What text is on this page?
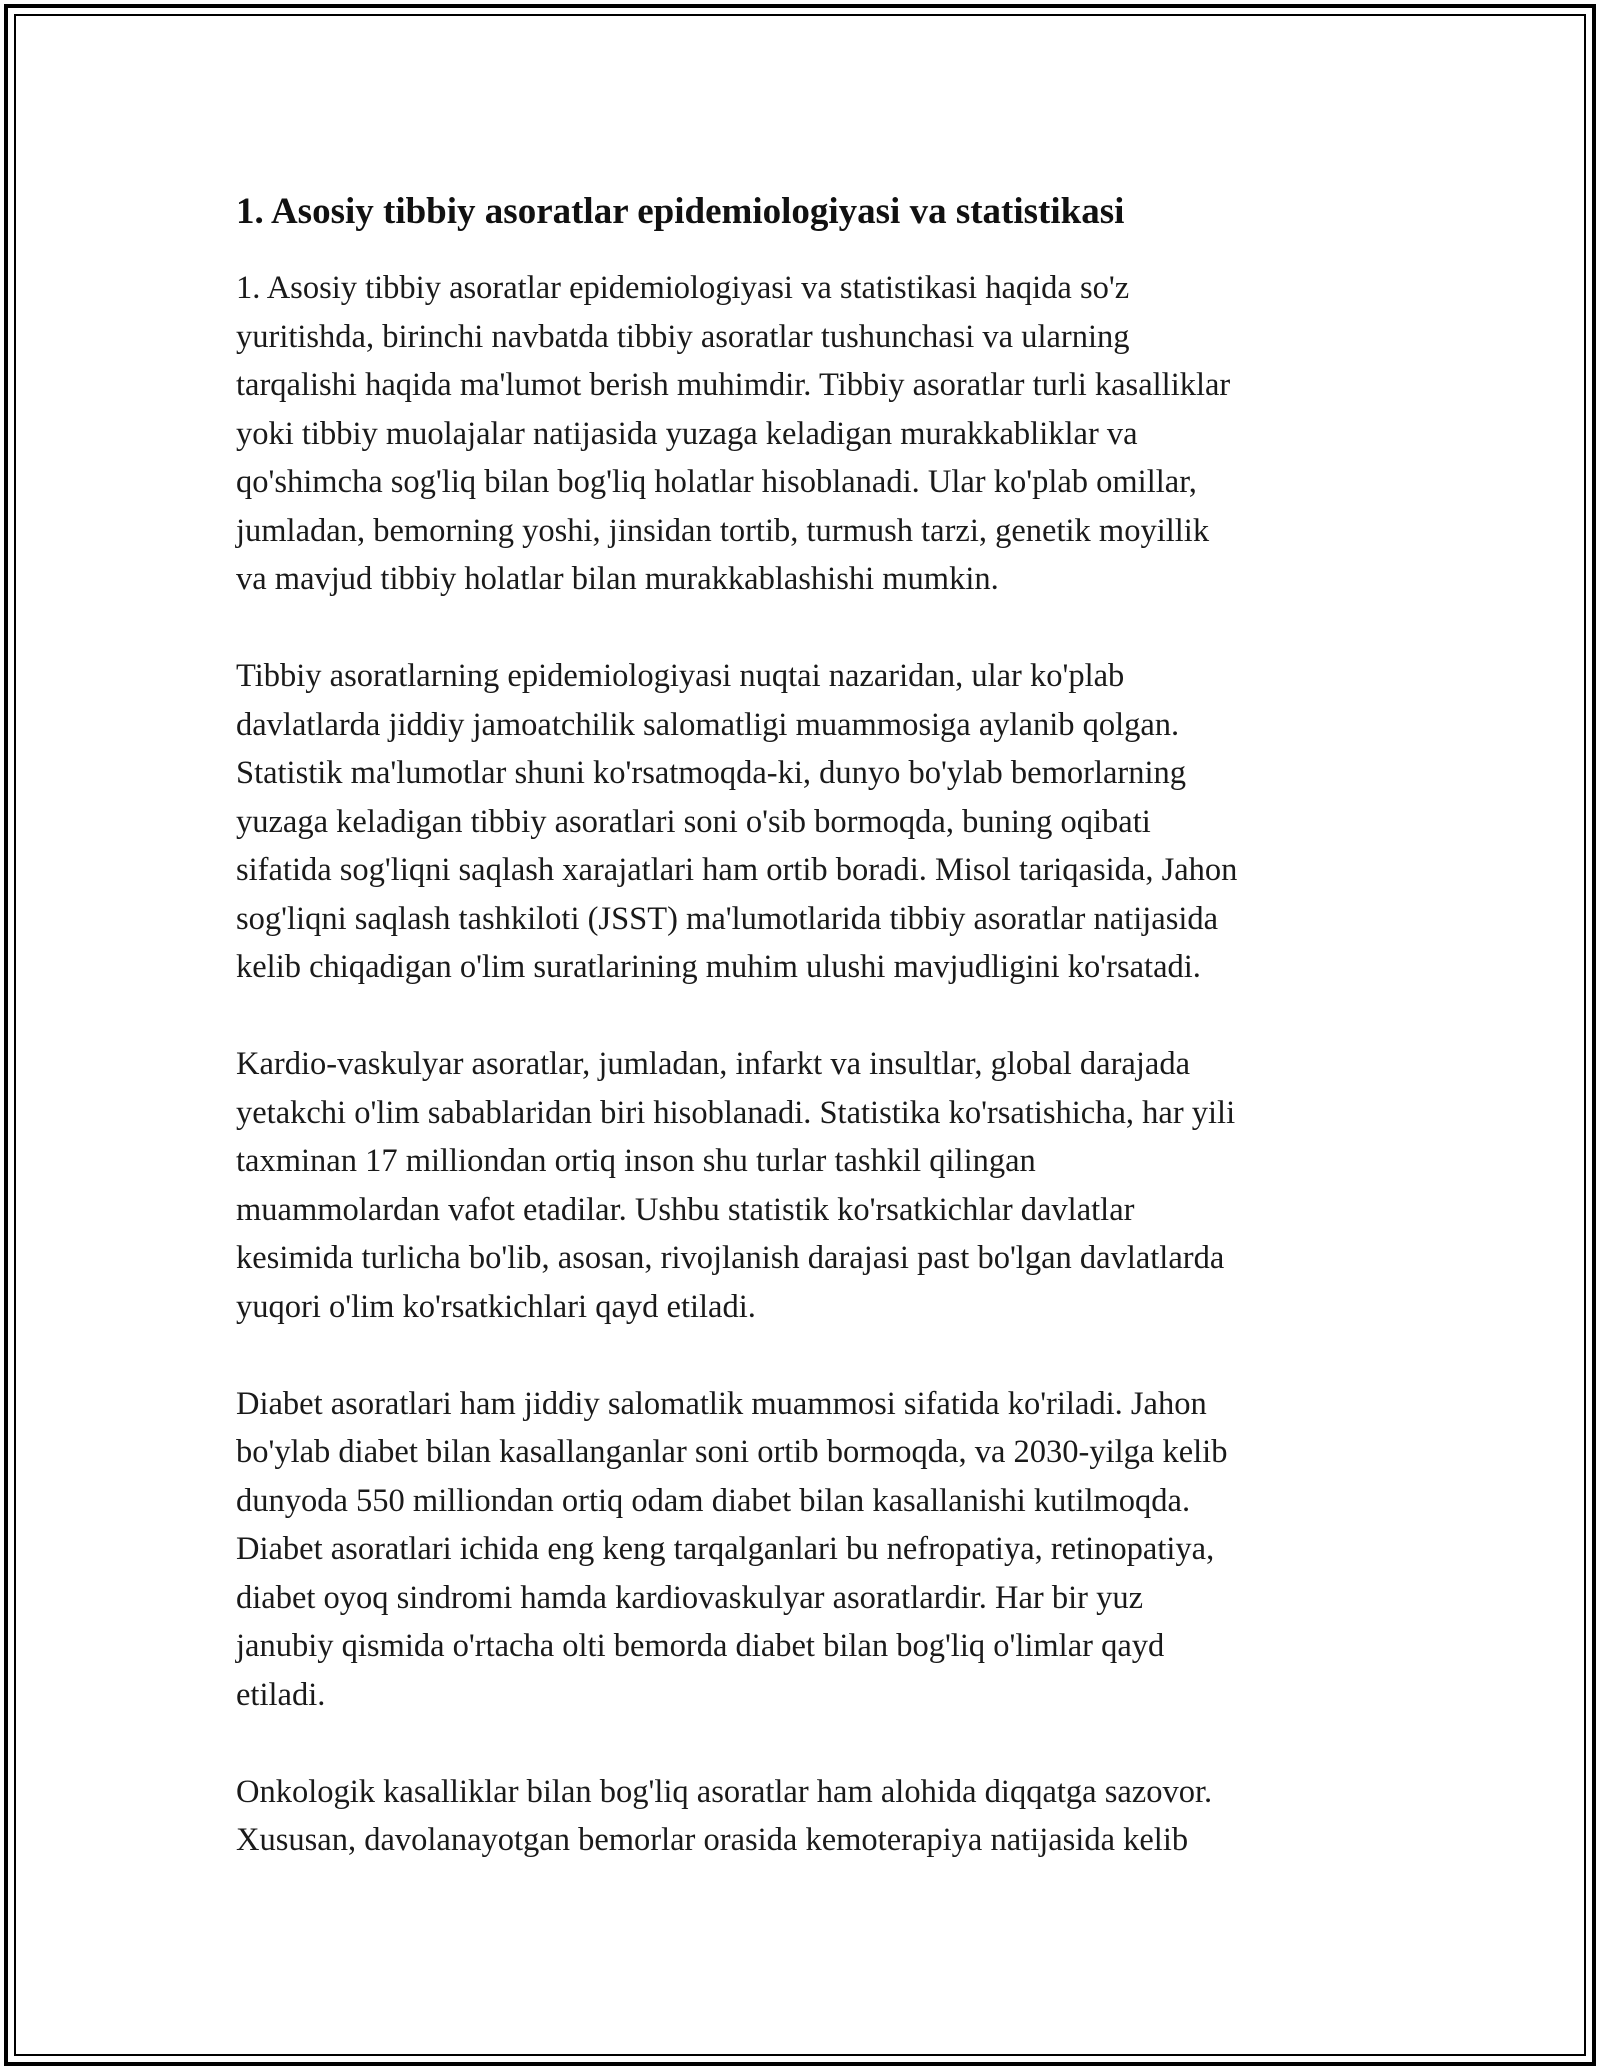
1. Asosiy tibbiy asoratlar epidemiologiyasi va statistikasi

1. Asosiy tibbiy asoratlar epidemiologiyasi va statistikasi haqida so'z
yuritishda, birinchi navbatda tibbiy asoratlar tushunchasi va ularning
tarqalishi haqida ma'lumot berish muhimdir. Tibbiy asoratlar turli kasalliklar
yoki tibbiy muolajalar natijasida yuzaga keladigan murakkabliklar va
qo'shimcha sog'liq bilan bog'liq holatlar hisoblanadi. Ular ko'plab omillar,
jumladan, bemorning yoshi, jinsidan tortib, turmush tarzi, genetik moyillik
va mavjud tibbiy holatlar bilan murakkablashishi mumkin.

Tibbiy asoratlarning epidemiologiyasi nuqtai nazaridan, ular ko'plab
davlatlarda jiddiy jamoatchilik salomatligi muammosiga aylanib qolgan.
Statistik ma'lumotlar shuni ko'rsatmoqda-ki, dunyo bo'ylab bemorlarning
yuzaga keladigan tibbiy asoratlari soni o'sib bormoqda, buning oqibati
sifatida sog'liqni saqlash xarajatlari ham ortib boradi. Misol tariqasida, Jahon
sog'liqni saqlash tashkiloti (JSST) ma'lumotlarida tibbiy asoratlar natijasida
kelib chiqadigan o'lim suratlarining muhim ulushi mavjudligini ko'rsatadi.

Kardio-vaskulyar asoratlar, jumladan, infarkt va insultlar, global darajada
yetakchi o'lim sabablaridan biri hisoblanadi. Statistika ko'rsatishicha, har yili
taxminan 17 milliondan ortiq inson shu turlar tashkil qilingan
muammolardan vafot etadilar. Ushbu statistik ko'rsatkichlar davlatlar
kesimida turlicha bo'lib, asosan, rivojlanish darajasi past bo'lgan davlatlarda
yuqori o'lim ko'rsatkichlari qayd etiladi.

Diabet asoratlari ham jiddiy salomatlik muammosi sifatida ko'riladi. Jahon
bo'ylab diabet bilan kasallanganlar soni ortib bormoqda, va 2030-yilga kelib
dunyoda 550 milliondan ortiq odam diabet bilan kasallanishi kutilmoqda.
Diabet asoratlari ichida eng keng tarqalganlari bu nefropatiya, retinopatiya,
diabet oyoq sindromi hamda kardiovaskulyar asoratlardir. Har bir yuz
janubiy qismida o'rtacha olti bemorda diabet bilan bog'liq o'limlar qayd
etiladi.

Onkologik kasalliklar bilan bog'liq asoratlar ham alohida diqqatga sazovor.
Xususan, davolanayotgan bemorlar orasida kemoterapiya natijasida kelib
